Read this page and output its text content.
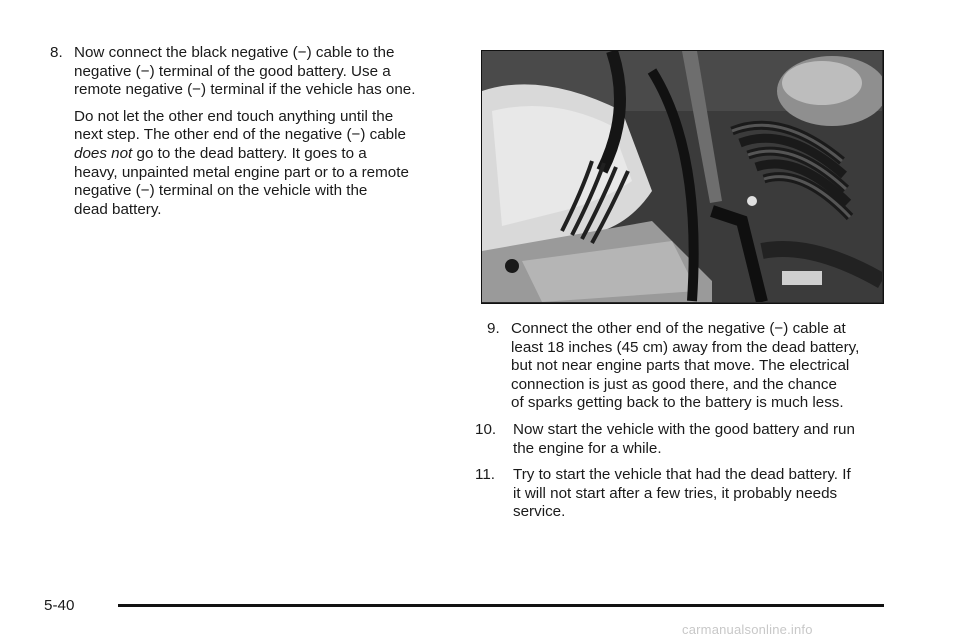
8. Now connect the black negative (−) cable to the
negative (−) terminal of the good battery. Use a
remote negative (−) terminal if the vehicle has one.
Do not let the other end touch anything until the
next step. The other end of the negative (−) cable
does not go to the dead battery. It goes to a
heavy, unpainted metal engine part or to a remote
negative (−) terminal on the vehicle with the
dead battery.
9. Connect the other end of the negative (−) cable at
least 18 inches (45 cm) away from the dead battery,
but not near engine parts that move. The electrical
connection is just as good there, and the chance
of sparks getting back to the battery is much less.
10. Now start the vehicle with the good battery and run
the engine for a while.
11. Try to start the vehicle that had the dead battery. If
it will not start after a few tries, it probably needs
service.
5-40
carmanualsonline.info
